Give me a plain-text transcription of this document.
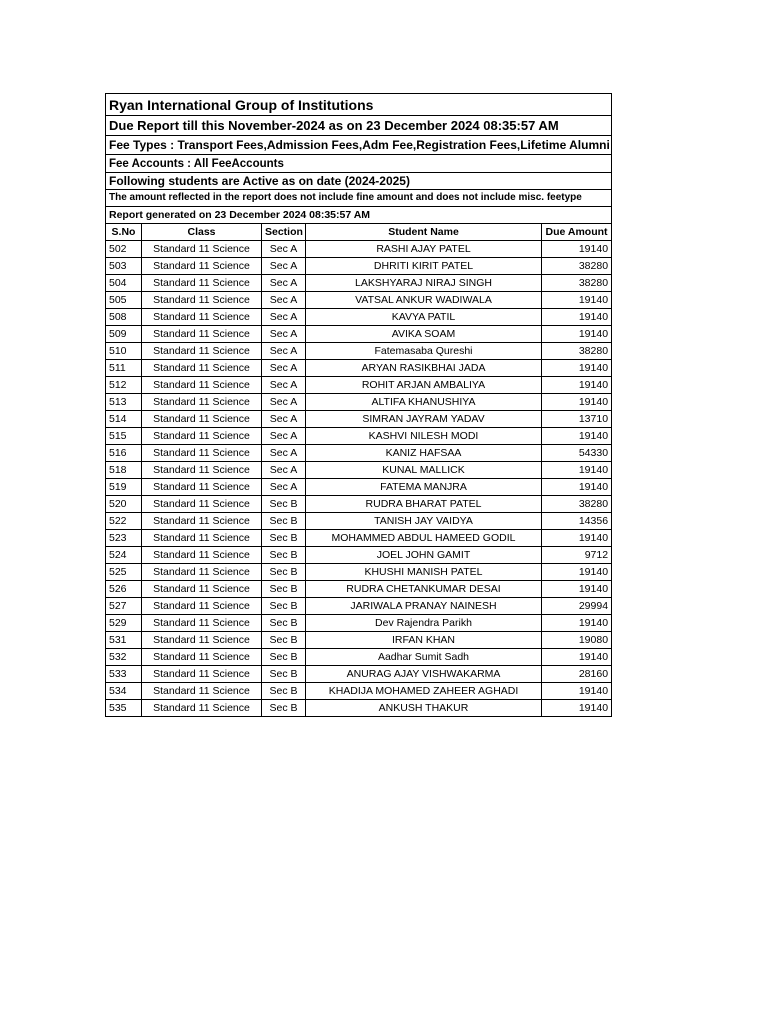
Ryan International Group of Institutions				
Due Report till this November-2024 as on 23 December 2024 08:35:57 AM				
Fee Types : Transport Fees,Admission Fees,Adm Fee,Registration Fees,Lifetime Alumni				
Fee Accounts : All FeeAccounts				
Following students are Active as on date (2024-2025)				
The amount reflected in the report does not include fine amount and does not include misc. feetype				
Report generated on 23 December 2024 08:35:57 AM				
S.No	Class	Section	Student Name	Due Amount
502	Standard 11 Science	Sec A	RASHI AJAY PATEL	19140
503	Standard 11 Science	Sec A	DHRITI KIRIT PATEL	38280
504	Standard 11 Science	Sec A	LAKSHYARAJ NIRAJ SINGH	38280
505	Standard 11 Science	Sec A	VATSAL ANKUR WADIWALA	19140
508	Standard 11 Science	Sec A	KAVYA PATIL	19140
509	Standard 11 Science	Sec A	AVIKA SOAM	19140
510	Standard 11 Science	Sec A	Fatemasaba Qureshi	38280
511	Standard 11 Science	Sec A	ARYAN RASIKBHAI JADA	19140
512	Standard 11 Science	Sec A	ROHIT ARJAN AMBALIYA	19140
513	Standard 11 Science	Sec A	ALTIFA KHANUSHIYA	19140
514	Standard 11 Science	Sec A	SIMRAN JAYRAM YADAV	13710
515	Standard 11 Science	Sec A	KASHVI NILESH MODI	19140
516	Standard 11 Science	Sec A	KANIZ HAFSAA	54330
518	Standard 11 Science	Sec A	KUNAL MALLICK	19140
519	Standard 11 Science	Sec A	FATEMA MANJRA	19140
520	Standard 11 Science	Sec B	RUDRA BHARAT PATEL	38280
522	Standard 11 Science	Sec B	TANISH JAY VAIDYA	14356
523	Standard 11 Science	Sec B	MOHAMMED ABDUL HAMEED GODIL	19140
524	Standard 11 Science	Sec B	JOEL JOHN GAMIT	9712
525	Standard 11 Science	Sec B	KHUSHI MANISH PATEL	19140
526	Standard 11 Science	Sec B	RUDRA CHETANKUMAR DESAI	19140
527	Standard 11 Science	Sec B	JARIWALA PRANAY NAINESH	29994
529	Standard 11 Science	Sec B	Dev Rajendra Parikh	19140
531	Standard 11 Science	Sec B	IRFAN KHAN	19080
532	Standard 11 Science	Sec B	Aadhar Sumit Sadh	19140
533	Standard 11 Science	Sec B	ANURAG AJAY VISHWAKARMA	28160
534	Standard 11 Science	Sec B	KHADIJA MOHAMED ZAHEER AGHADI	19140
535	Standard 11 Science	Sec B	ANKUSH THAKUR	19140
